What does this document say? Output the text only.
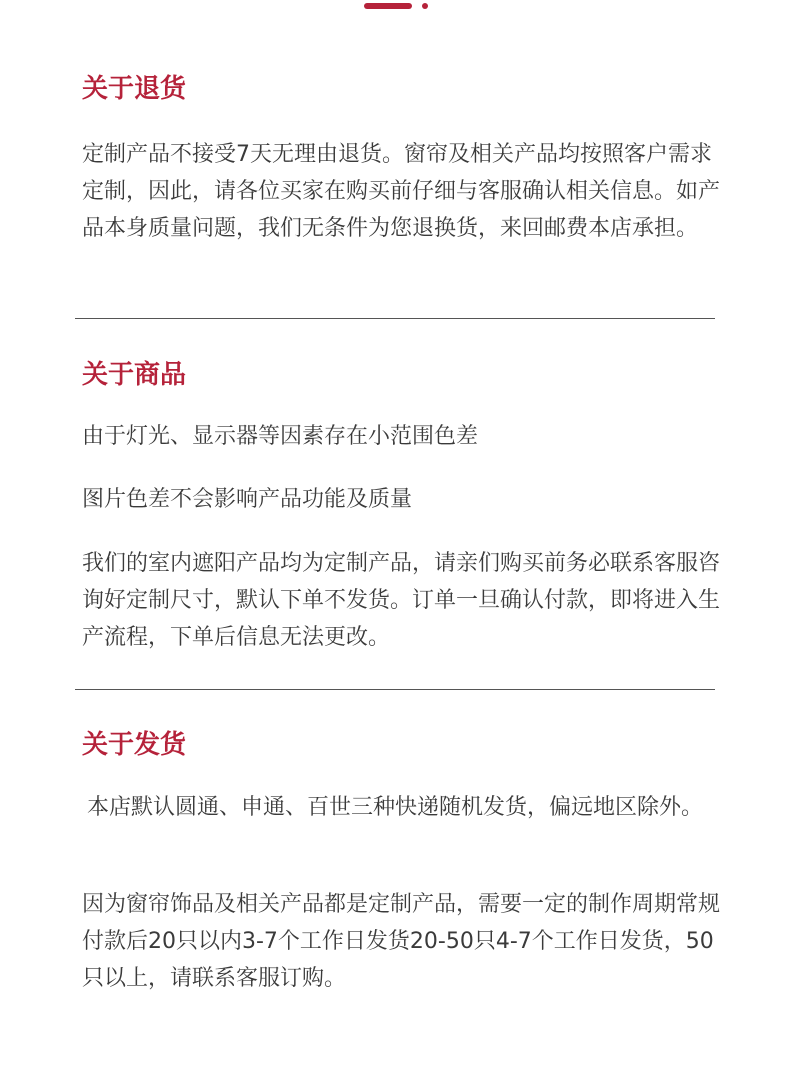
关于退货

定制产品不接受7天无理由退货。窗帘及相关产品均按照客户需求定制，因此，请各位买家在购买前仔细与客服确认相关信息。如产品本身质量问题，我们无条件为您退换货，来回邮费本店承担。

关于商品

由于灯光、显示器等因素存在小范围色差

图片色差不会影响产品功能及质量

我们的室内遮阳产品均为定制产品，请亲们购买前务必联系客服咨询好定制尺寸，默认下单不发货。订单一旦确认付款，即将进入生产流程，下单后信息无法更改。

关于发货

本店默认圆通、申通、百世三种快递随机发货，偏远地区除外。

因为窗帘饰品及相关产品都是定制产品，需要一定的制作周期常规付款后20只以内3-7个工作日发货20-50只4-7个工作日发货，50只以上，请联系客服订购。
